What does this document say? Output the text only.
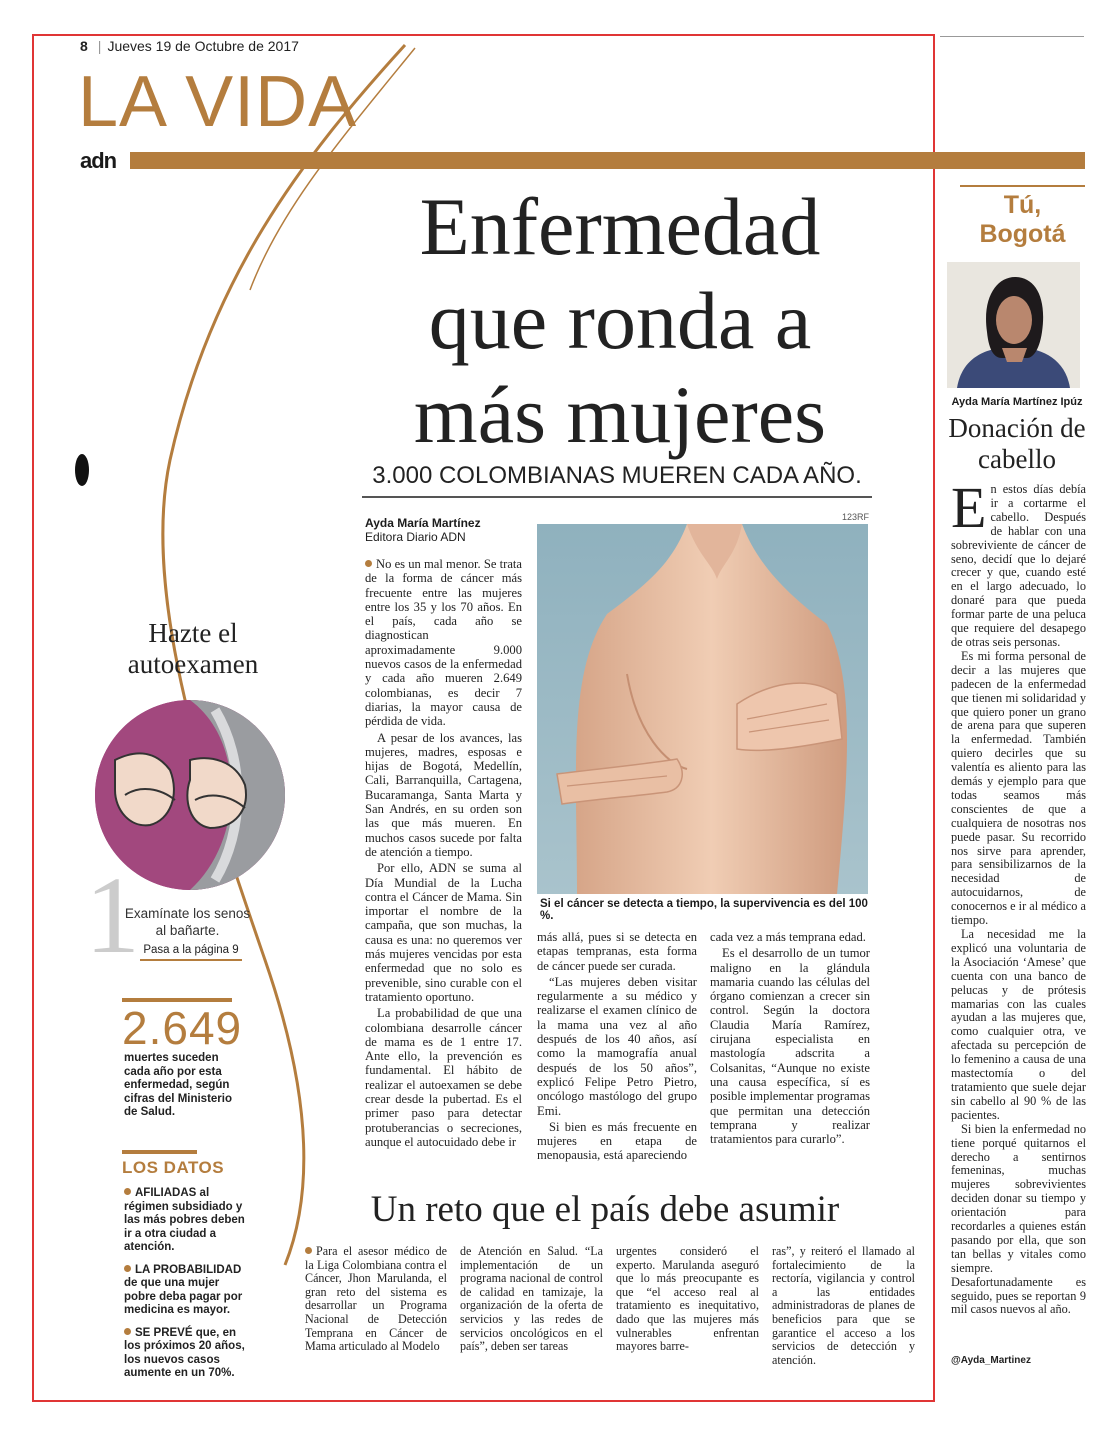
8 | Jueves 19 de Octubre de 2017
LA VIDA
adn
Enfermedad
que ronda a
más mujeres
3.000 COLOMBIANAS MUEREN CADA AÑO.
Ayda María Martínez
Editora Diario ADN
123RF
Si el cáncer se detecta a tiempo, la supervivencia es del 100 %.

No es un mal menor. Se trata de la forma de cáncer más frecuente entre las mujeres entre los 35 y los 70 años. En el país, cada año se diagnostican aproximadamente 9.000 nuevos casos de la enfermedad y cada año mueren 2.649 colombianas, es decir 7 diarias, la mayor causa de pérdida de vida.

A pesar de los avances, las mujeres, madres, esposas e hijas de Bogotá, Medellín, Cali, Barranquilla, Cartagena, Bucaramanga, Santa Marta y San Andrés, en su orden son las que más mueren. En muchos casos sucede por falta de atención a tiempo.

Por ello, ADN se suma al Día Mundial de la Lucha contra el Cáncer de Mama. Sin importar el nombre de la campaña, que son muchas, la causa es una: no queremos ver más mujeres vencidas por esta enfermedad que no solo es prevenible, sino curable con el tratamiento oportuno.

La probabilidad de que una colombiana desarrolle cáncer de mama es de 1 entre 17. Ante ello, la prevención es fundamental. El hábito de realizar el autoexamen se debe crear desde la pubertad. Es el primer paso para detectar protuberancias o secreciones, aunque el autocuidado debe ir

más allá, pues si se detecta en etapas tempranas, esta forma de cáncer puede ser curada.

“Las mujeres deben visitar regularmente a su médico y realizarse el examen clínico de la mama una vez al año después de los 40 años, así como la mamografía anual después de los 50 años”, explicó Felipe Petro Pietro, oncólogo mastólogo del grupo Emi.

Si bien es más frecuente en mujeres en etapa de menopausia, está apareciendo

cada vez a más temprana edad.

Es el desarrollo de un tumor maligno en la glándula mamaria cuando las células del órgano comienzan a crecer sin control. Según la doctora Claudia María Ramírez, cirujana especialista en mastología adscrita a Colsanitas, “Aunque no existe una causa específica, sí es posible implementar programas que permitan una detección temprana y realizar tratamientos para curarlo”.

Hazte el autoexamen
1
Examínate los senos al bañarte.
Pasa a la página 9
2.649
muertes suceden cada año por esta enfermedad, según cifras del Ministerio de Salud.
LOS DATOS

AFILIADAS al régimen subsidiado y las más pobres deben ir a otra ciudad a atención.

LA PROBABILIDAD de que una mujer pobre deba pagar por medicina es mayor.

SE PREVÉ que, en los próximos 20 años, los nuevos casos aumente en un 70%.

Un reto que el país debe asumir

Para el asesor médico de la Liga Colombiana contra el Cáncer, Jhon Marulanda, el gran reto del sistema es desarrollar un Programa Nacional de Detección Temprana en Cáncer de Mama articulado al Modelo

de Atención en Salud. “La implementación de un programa nacional de control de calidad en tamizaje, la organización de la oferta de servicios y las redes de servicios oncológicos en el país”, deben ser tareas

urgentes consideró el experto. Marulanda aseguró que lo más preocupante es que “el acceso real al tratamiento es inequitativo, dado que las mujeres más vulnerables enfrentan mayores barre-

ras”, y reiteró el llamado al fortalecimiento de la rectoría, vigilancia y control a las entidades administradoras de planes de beneficios para que se garantice el acceso a los servicios de detección y atención.

Tú,
Bogotá
Ayda María Martínez Ipúz
Donación de cabello

En estos días debía ir a cortarme el cabello. Después de hablar con una sobreviviente de cáncer de seno, decidí que lo dejaré crecer y que, cuando esté en el largo adecuado, lo donaré para que pueda formar parte de una peluca que requiere del desapego de otras seis personas.

Es mi forma personal de decir a las mujeres que padecen de la enfermedad que tienen mi solidaridad y que quiero poner un grano de arena para que superen la enfermedad. También quiero decirles que su valentía es aliento para las demás y ejemplo para que todas seamos más conscientes de que a cualquiera de nosotras nos puede pasar. Su recorrido nos sirve para aprender, para sensibilizarnos de la necesidad de autocuidarnos, de conocernos e ir al médico a tiempo.

La necesidad me la explicó una voluntaria de la Asociación ‘Amese’ que cuenta con una banco de pelucas y de prótesis mamarias con las cuales ayudan a las mujeres que, como cualquier otra, ve afectada su percepción de lo femenino a causa de una mastectomía o del tratamiento que suele dejar sin cabello al 90 % de las pacientes.

Si bien la enfermedad no tiene porqué quitarnos el derecho a sentirnos femeninas, muchas mujeres sobrevivientes deciden donar su tiempo y orientación para recordarles a quienes están pasando por ella, que son tan bellas y vitales como siempre. Desafortunadamente es seguido, pues se reportan 9 mil casos nuevos al año.

@Ayda_Martinez
